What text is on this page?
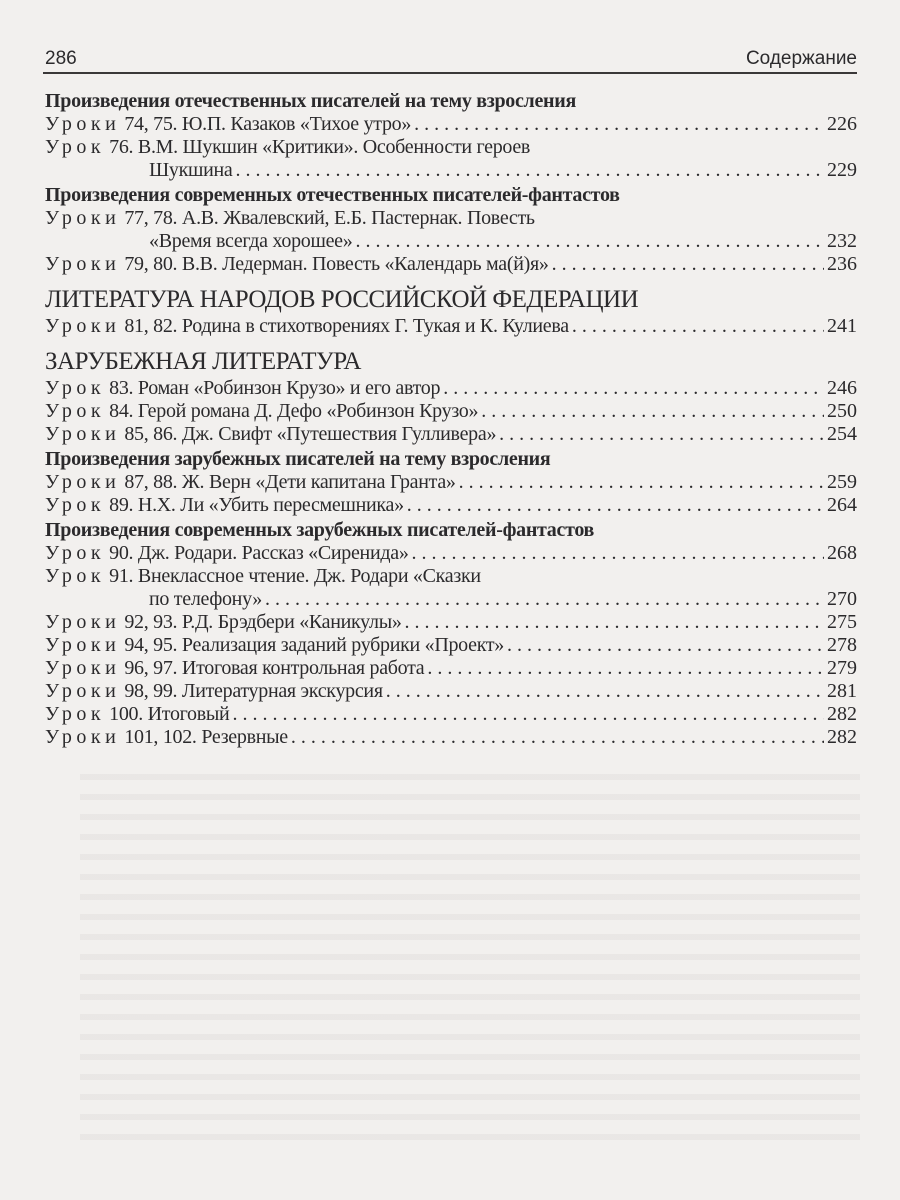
286	Содержание
Произведения отечественных писателей на тему взросления
Уроки 74, 75. Ю.П. Казаков «Тихое утро» . . .	226
Урок 76. В.М. Шукшин «Критики». Особенности героев
Шукшина . . .	229
Произведения современных отечественных писателей-фантастов
Уроки 77, 78. А.В. Жвалевский, Е.Б. Пастернак. Повесть
«Время всегда хорошее» . . .	232
Уроки 79, 80. В.В. Ледерман. Повесть «Календарь ма(й)я» . . .	236
ЛИТЕРАТУРА НАРОДОВ РОССИЙСКОЙ ФЕДЕРАЦИИ
Уроки 81, 82. Родина в стихотворениях Г. Тукая и К. Кулиева . . .	241
ЗАРУБЕЖНАЯ ЛИТЕРАТУРА
Урок 83. Роман «Робинзон Крузо» и его автор . . .	246
Урок 84. Герой романа Д. Дефо «Робинзон Крузо» . . .	250
Уроки 85, 86. Дж. Свифт «Путешествия Гулливера» . . .	254
Произведения зарубежных писателей на тему взросления
Уроки 87, 88. Ж. Верн «Дети капитана Гранта» . . .	259
Урок 89. Н.Х. Ли «Убить пересмешника» . . .	264
Произведения современных зарубежных писателей-фантастов
Урок 90. Дж. Родари. Рассказ «Сиренида» . . .	268
Урок 91. Внеклассное чтение. Дж. Родари «Сказки
по телефону» . . .	270
Уроки 92, 93. Р.Д. Брэдбери «Каникулы» . . .	275
Уроки 94, 95. Реализация заданий рубрики «Проект» . . .	278
Уроки 96, 97. Итоговая контрольная работа . . .	279
Уроки 98, 99. Литературная экскурсия . . .	281
Урок 100. Итоговый . . .	282
Уроки 101, 102. Резервные . . .	282
